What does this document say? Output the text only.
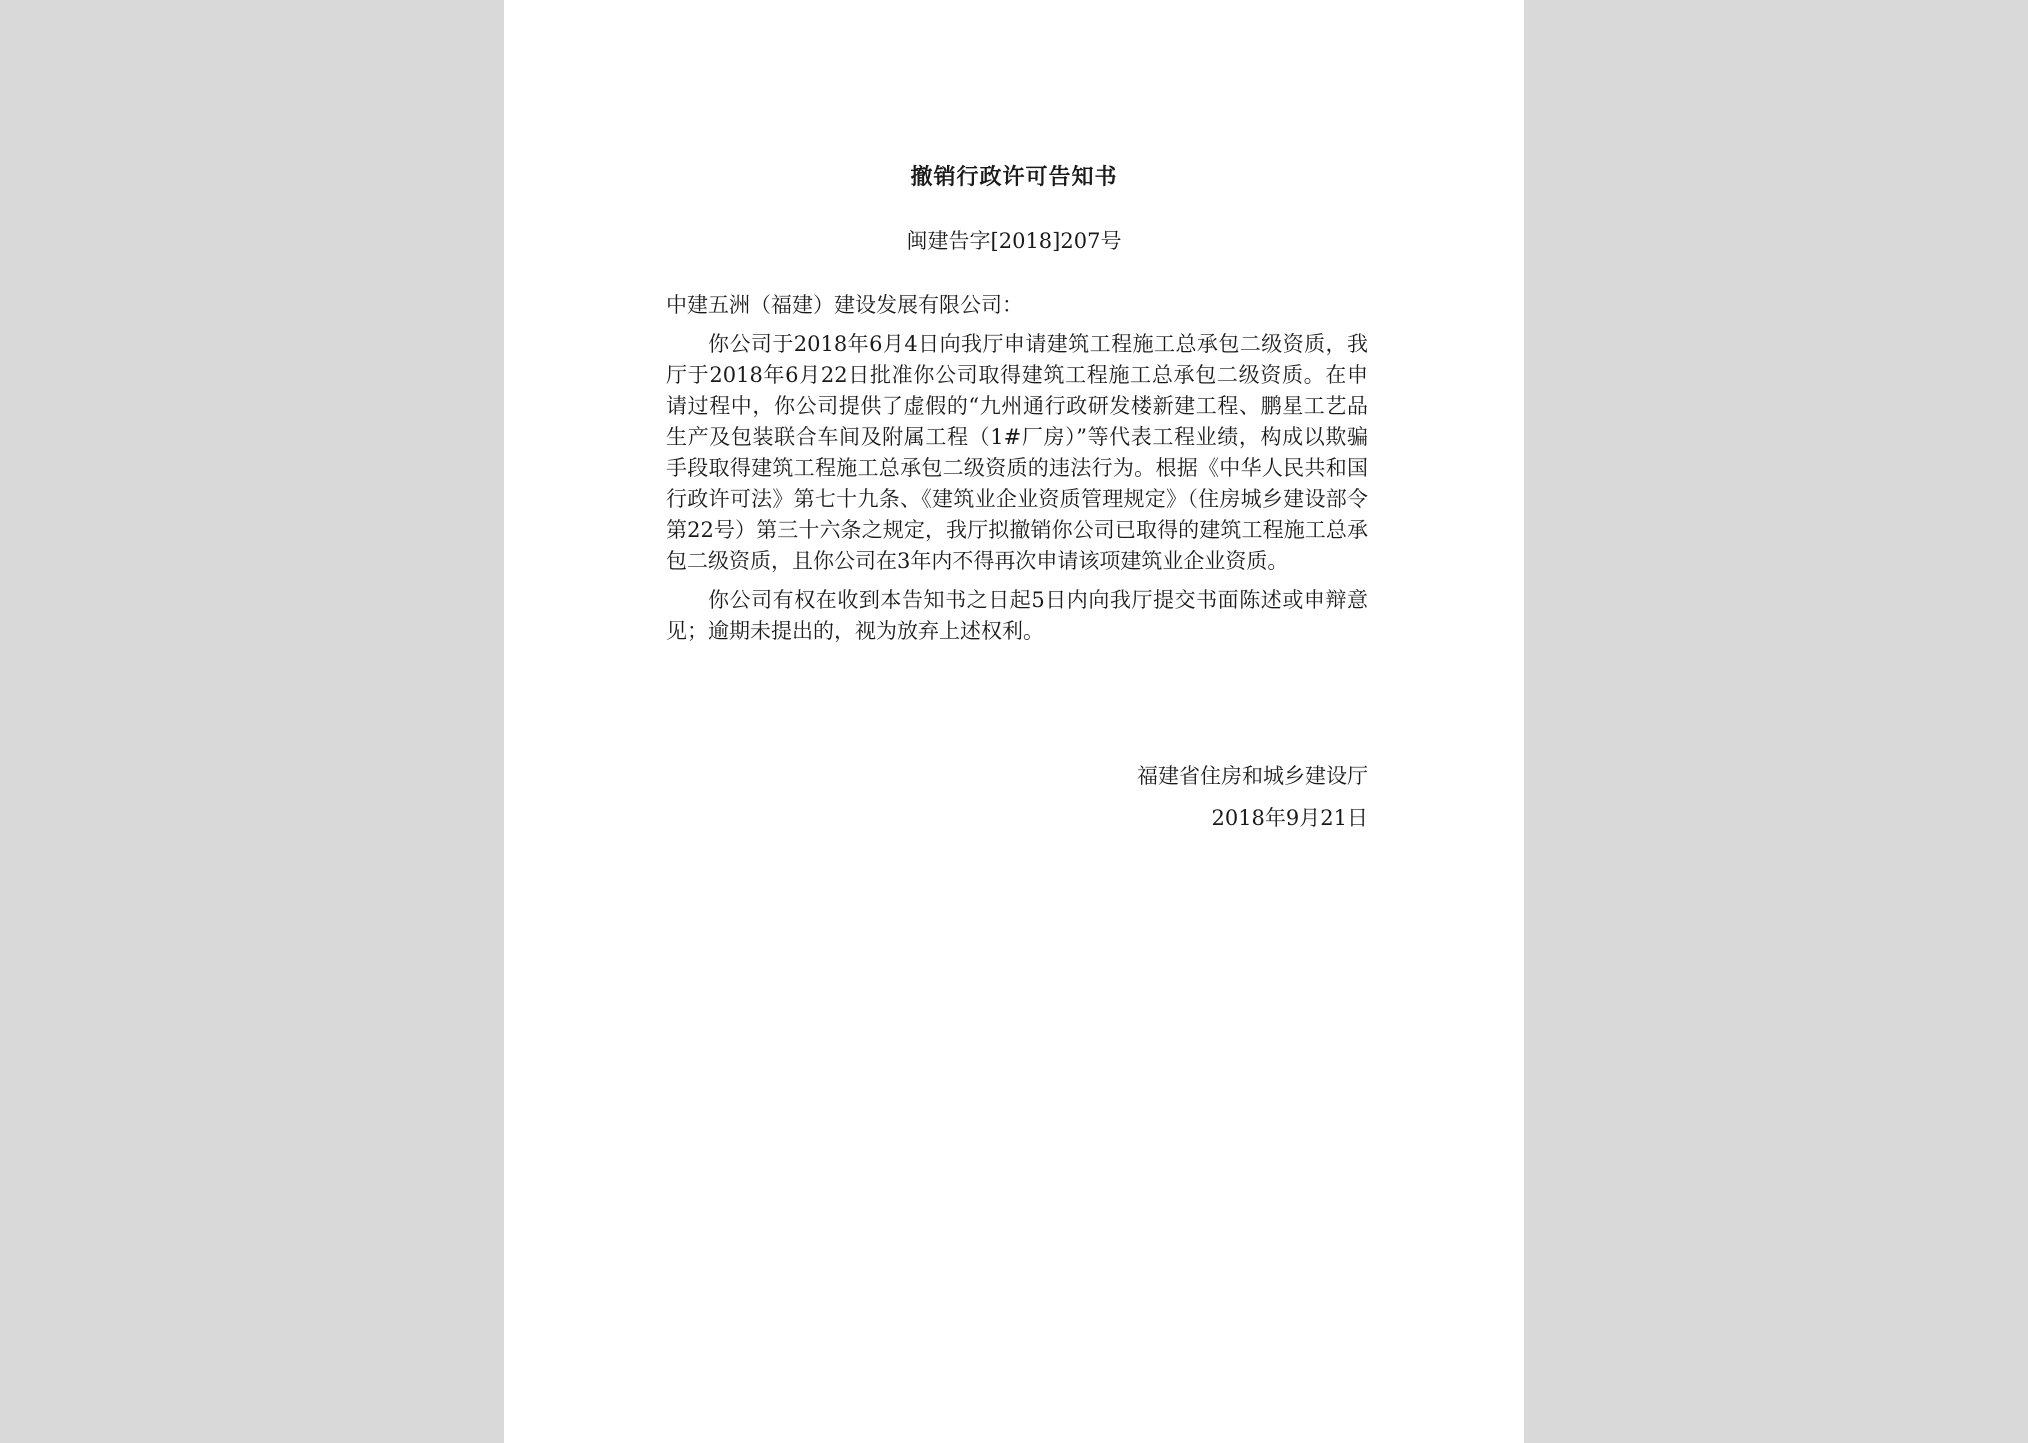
撤销行政许可告知书
闽建告字[2018]207号

中建五洲（福建）建设发展有限公司：

你公司于2018年6月4日向我厅申请建筑工程施工总承包二级资质，我厅于2018年6月22日批准你公司取得建筑工程施工总承包二级资质。在申请过程中，你公司提供了虚假的“九州通行政研发楼新建工程、鹏星工艺品生产及包装联合车间及附属工程（1#厂房）”等代表工程业绩，构成以欺骗手段取得建筑工程施工总承包二级资质的违法行为。根据《中华人民共和国行政许可法》第七十九条、《建筑业企业资质管理规定》（住房城乡建设部令第22号）第三十六条之规定，我厅拟撤销你公司已取得的建筑工程施工总承包二级资质，且你公司在3年内不得再次申请该项建筑业企业资质。

你公司有权在收到本告知书之日起5日内向我厅提交书面陈述或申辩意见；逾期未提出的，视为放弃上述权利。

福建省住房和城乡建设厅
2018年9月21日
